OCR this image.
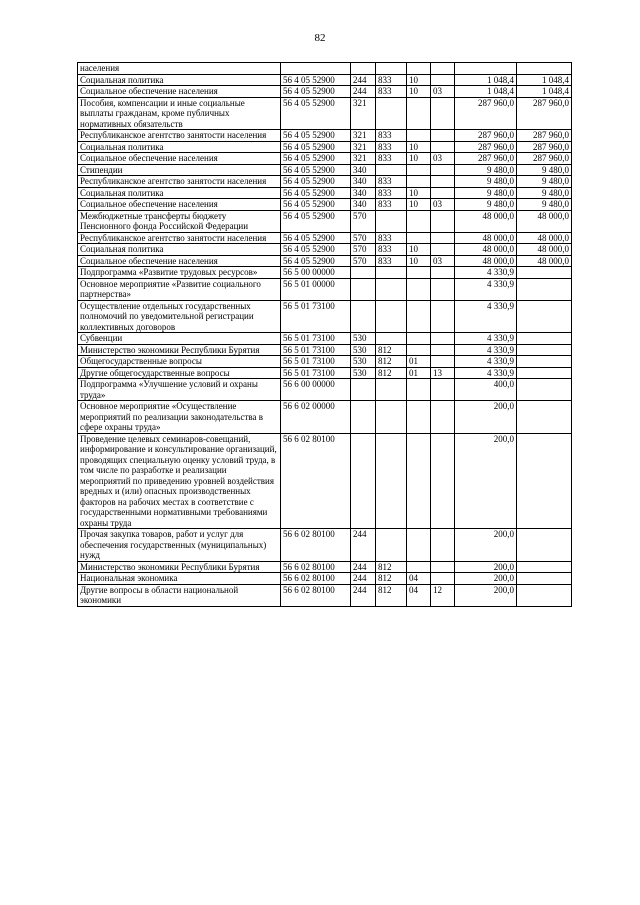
82
населения							
Социальная политика	56 4 05 52900	244	833	10		1 048,4	1 048,4
Социальное обеспечение населения	56 4 05 52900	244	833	10	03	1 048,4	1 048,4
Пособия, компенсации и иные социальные выплаты гражданам, кроме публичных нормативных обязательств	56 4 05 52900	321				287 960,0	287 960,0
Республиканское агентство занятости населения	56 4 05 52900	321	833			287 960,0	287 960,0
Социальная политика	56 4 05 52900	321	833	10		287 960,0	287 960,0
Социальное обеспечение населения	56 4 05 52900	321	833	10	03	287 960,0	287 960,0
Стипендии	56 4 05 52900	340				9 480,0	9 480,0
Республиканское агентство занятости населения	56 4 05 52900	340	833			9 480,0	9 480,0
Социальная политика	56 4 05 52900	340	833	10		9 480,0	9 480,0
Социальное обеспечение населения	56 4 05 52900	340	833	10	03	9 480,0	9 480,0
Межбюджетные трансферты бюджету Пенсионного фонда Российской Федерации	56 4 05 52900	570				48 000,0	48 000,0
Республиканское агентство занятости населения	56 4 05 52900	570	833			48 000,0	48 000,0
Социальная политика	56 4 05 52900	570	833	10		48 000,0	48 000,0
Социальное обеспечение населения	56 4 05 52900	570	833	10	03	48 000,0	48 000,0
Подпрограмма «Развитие трудовых ресурсов»	56 5 00 00000					4 330,9	
Основное мероприятие «Развитие социального партнерства»	56 5 01 00000					4 330,9	
Осуществление отдельных государственных полномочий по уведомительной регистрации коллективных договоров	56 5 01 73100					4 330,9	
Субвенции	56 5 01 73100	530				4 330,9	
Министерство экономики Республики Бурятия	56 5 01 73100	530	812			4 330,9	
Общегосударственные вопросы	56 5 01 73100	530	812	01		4 330,9	
Другие общегосударственные вопросы	56 5 01 73100	530	812	01	13	4 330,9	
Подпрограмма «Улучшение условий и охраны труда»	56 6 00 00000					400,0	
Основное мероприятие «Осуществление мероприятий по реализации законодательства в сфере охраны труда»	56 6 02 00000					200,0	
Проведение целевых семинаров-совещаний, информирование и консультирование организаций, проводящих специальную оценку условий труда, в том числе по разработке и реализации мероприятий по приведению уровней воздействия вредных и (или) опасных производственных факторов на рабочих местах в соответствие с государственными нормативными требованиями охраны труда	56 6 02 80100					200,0	
Прочая закупка товаров, работ и услуг для обеспечения государственных (муниципальных) нужд	56 6 02 80100	244				200,0	
Министерство экономики Республики Бурятия	56 6 02 80100	244	812			200,0	
Национальная экономика	56 6 02 80100	244	812	04		200,0	
Другие вопросы в области национальной экономики	56 6 02 80100	244	812	04	12	200,0	
